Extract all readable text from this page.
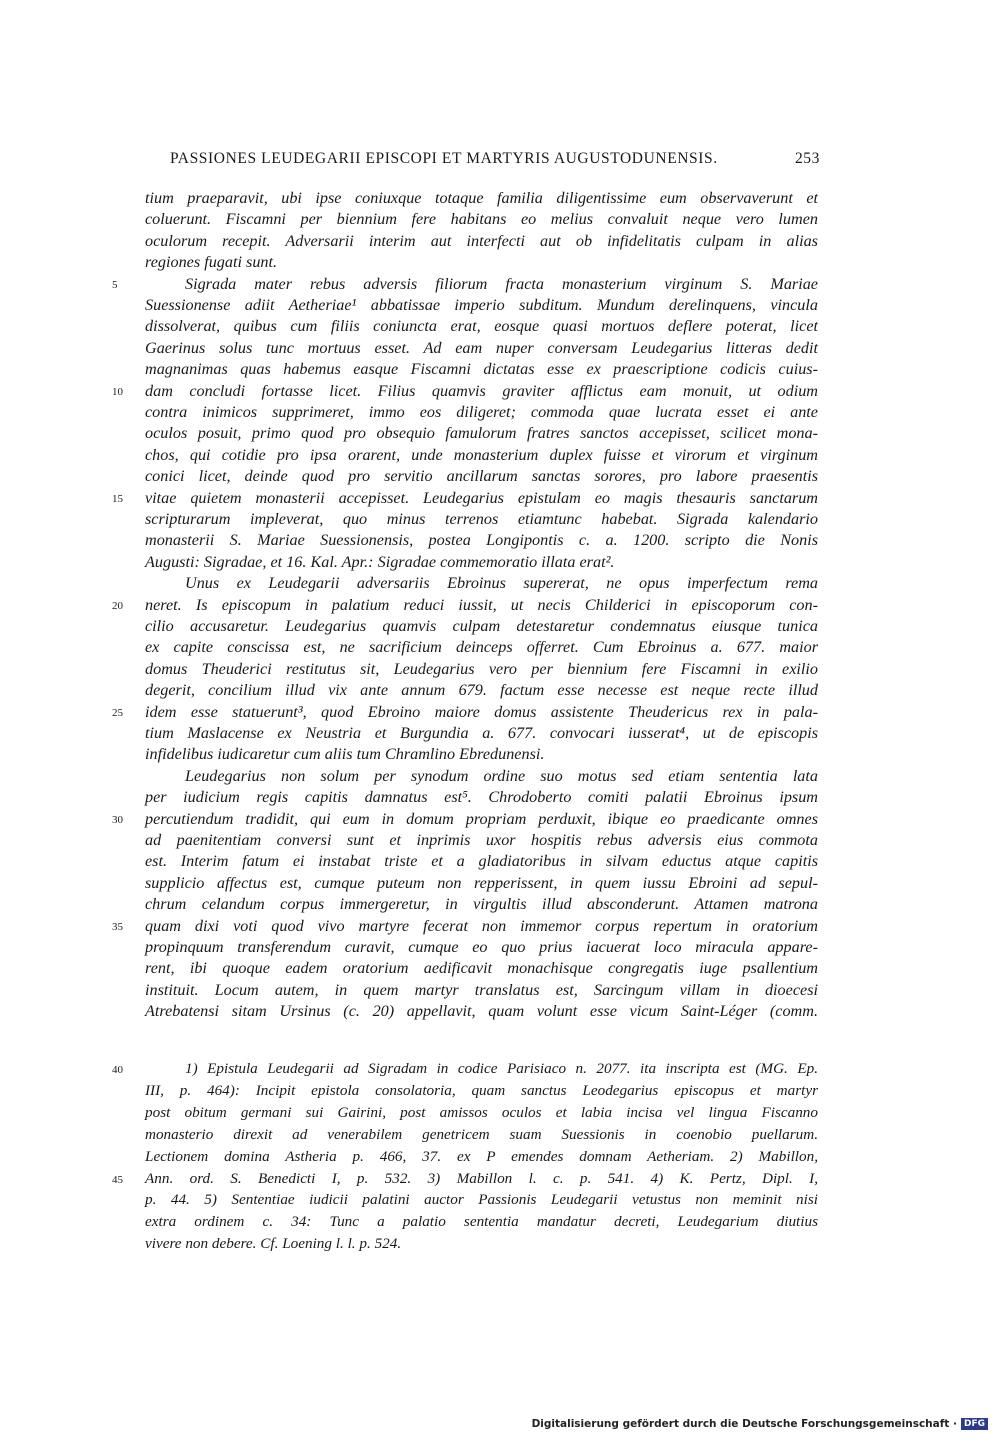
PASSIONES LEUDEGARII EPISCOPI ET MARTYRIS AUGUSTODUNENSIS.	253
tium praeparavit, ubi ipse coniuxque totaque familia diligentissime eum observaverunt et
coluerunt. Fiscamni per biennium fere habitans eo melius convaluit neque vero lumen
oculorum recepit. Adversarii interim aut interfecti aut ob infidelitatis culpam in alias
regiones fugati sunt.
Sigrada mater rebus adversis filiorum fracta monasterium virginum S. Mariae
Suessionense adiit Aetheriae¹ abbatissae imperio subditum. Mundum derelinquens, vincula
dissolverat, quibus cum filiis coniuncta erat, eosque quasi mortuos deflere poterat, licet
Gaerinus solus tunc mortuus esset. Ad eam nuper conversam Leudegarius litteras dedit
magnanimas quas habemus easque Fiscamni dictatas esse ex praescriptione codicis cuius-
dam concludi fortasse licet. Filius quamvis graviter afflictus eam monuit, ut odium
contra inimicos supprimeret, immo eos diligeret; commoda quae lucrata esset ei ante
oculos posuit, primo quod pro obsequio famulorum fratres sanctos accepisset, scilicet mona-
chos, qui cotidie pro ipsa orarent, unde monasterium duplex fuisse et virorum et virginum
conici licet, deinde quod pro servitio ancillarum sanctas sorores, pro labore praesentis
vitae quietem monasterii accepisset. Leudegarius epistulam eo magis thesauris sanctarum
scripturarum impleverat, quo minus terrenos etiamtunc habebat. Sigrada kalendario
monasterii S. Mariae Suessionensis, postea Longipontis c. a. 1200. scripto die Nonis
Augusti: Sigradae, et 16. Kal. Apr.: Sigradae commemoratio illata erat².
Unus ex Leudegarii adversariis Ebroinus supererat, ne opus imperfectum rema
neret. Is episcopum in palatium reduci iussit, ut necis Childerici in episcoporum con-
cilio accusaretur. Leudegarius quamvis culpam detestaretur condemnatus eiusque tunica
ex capite conscissa est, ne sacrificium deinceps offerret. Cum Ebroinus a. 677. maior
domus Theuderici restitutus sit, Leudegarius vero per biennium fere Fiscamni in exilio
degerit, concilium illud vix ante annum 679. factum esse necesse est neque recte illud
idem esse statuerunt³, quod Ebroino maiore domus assistente Theudericus rex in pala-
tium Maslacense ex Neustria et Burgundia a. 677. convocari iusserat⁴, ut de episcopis
infidelibus iudicaretur cum aliis tum Chramlino Ebredunensi.
Leudegarius non solum per synodum ordine suo motus sed etiam sententia lata
per iudicium regis capitis damnatus est⁵. Chrodoberto comiti palatii Ebroinus ipsum
percutiendum tradidit, qui eum in domum propriam perduxit, ibique eo praedicante omnes
ad paenitentiam conversi sunt et inprimis uxor hospitis rebus adversis eius commota
est. Interim fatum ei instabat triste et a gladiatoribus in silvam eductus atque capitis
supplicio affectus est, cumque puteum non repperissent, in quem iussu Ebroini ad sepul-
chrum celandum corpus immergeretur, in virgultis illud absconderunt. Attamen matrona
quam dixi voti quod vivo martyre fecerat non immemor corpus repertum in oratorium
propinquum transferendum curavit, cumque eo quo prius iacuerat loco miracula appare-
rent, ibi quoque eadem oratorium aedificavit monachisque congregatis iuge psallentium
instituit. Locum autem, in quem martyr translatus est, Sarcingum villam in dioecesi
Atrebatensi sitam Ursinus (c. 20) appellavit, quam volunt esse vicum Saint-Léger (comm.
1) Epistula Leudegarii ad Sigradam in codice Parisiaco n. 2077. ita inscripta est (MG. Ep.
III, p. 464): Incipit epistola consolatoria, quam sanctus Leodegarius episcopus et martyr
post obitum germani sui Gairini, post amissos oculos et labia incisa vel lingua Fiscanno
monasterio direxit ad venerabilem genetricem suam Suessionis in coenobio puellarum.
Lectionem domina Astheria p. 466, 37. ex P emendes domnam Aetheriam. 2) Mabillon,
Ann. ord. S. Benedicti I, p. 532. 3) Mabillon l. c. p. 541. 4) K. Pertz, Dipl. I,
p. 44. 5) Sententiae iudicii palatini auctor Passionis Leudegarii vetustus non meminit nisi
extra ordinem c. 34: Tunc a palatio sententia mandatur decreti, Leudegarium diutius
vivere non debere. Cf. Loening l. l. p. 524.
5
10
15
20
25
30
35
40
45
Digitalisierung gefördert durch die Deutsche Forschungsgemeinschaft · DFG
